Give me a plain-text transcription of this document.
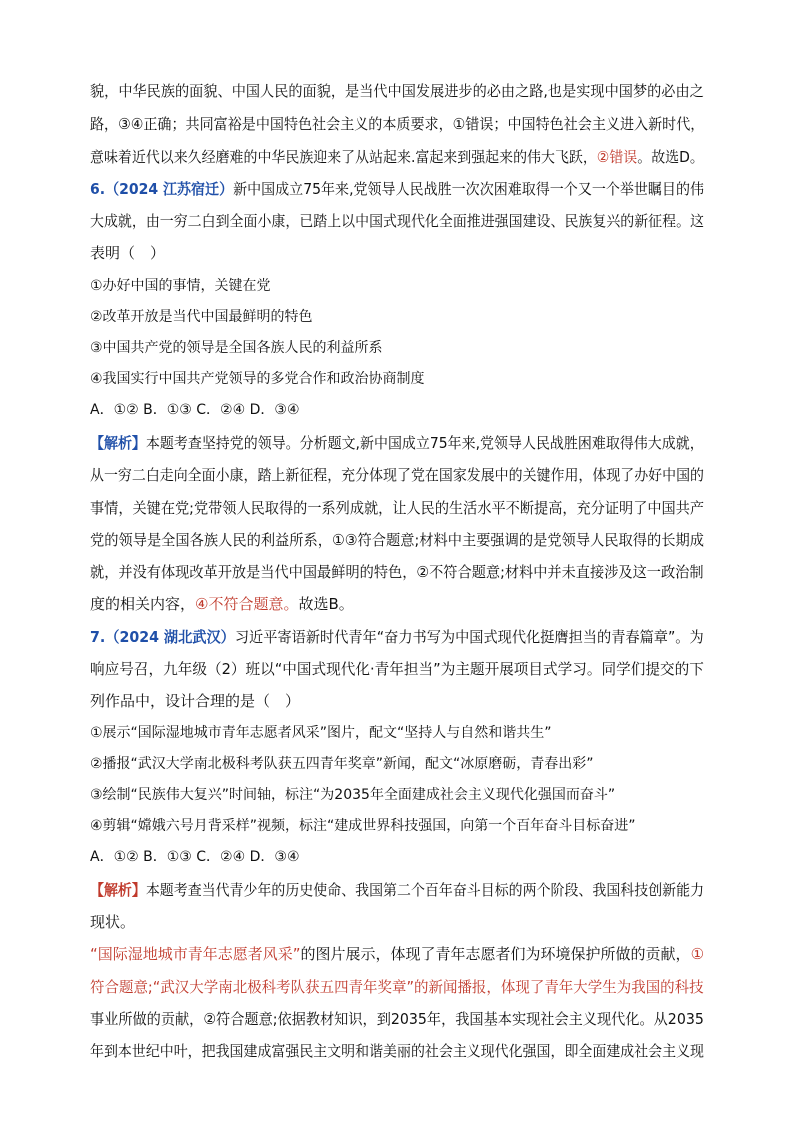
貌，中华民族的面貌、中国人民的面貌，是当代中国发展进步的必由之路,也是实现中国梦的必由之
路，③④正确；共同富裕是中国特色社会主义的本质要求，①错误；中国特色社会主义进入新时代，
意味着近代以来久经磨难的中华民族迎来了从站起来.富起来到强起来的伟大飞跃，②错误。故选D。
6.（2024 江苏宿迁）新中国成立75年来,党领导人民战胜一次次困难取得一个又一个举世瞩目的伟
大成就，由一穷二白到全面小康，已踏上以中国式现代化全面推进强国建设、民族复兴的新征程。这
表明（　）
①办好中国的事情，关键在党
②改革开放是当代中国最鲜明的特色
③中国共产党的领导是全国各族人民的利益所系
④我国实行中国共产党领导的多党合作和政治协商制度
A．①② B．①③ C．②④ D．③④
【解析】本题考查坚持党的领导。分析题文,新中国成立75年来,党领导人民战胜困难取得伟大成就，
从一穷二白走向全面小康，踏上新征程，充分体现了党在国家发展中的关键作用，体现了办好中国的
事情，关键在党;党带领人民取得的一系列成就，让人民的生活水平不断提高，充分证明了中国共产
党的领导是全国各族人民的利益所系，①③符合题意;材料中主要强调的是党领导人民取得的长期成
就，并没有体现改革开放是当代中国最鲜明的特色，②不符合题意;材料中并未直接涉及这一政治制
度的相关内容，④不符合题意。故选B。
7.（2024 湖北武汉）习近平寄语新时代青年“奋力书写为中国式现代化挺膺担当的青春篇章”。为
响应号召，九年级（2）班以“中国式现代化·青年担当”为主题开展项目式学习。同学们提交的下
列作品中，设计合理的是（　）
①展示“国际湿地城市青年志愿者风采”图片，配文“坚持人与自然和谐共生”
②播报“武汉大学南北极科考队获五四青年奖章”新闻，配文“冰原磨砺，青春出彩”
③绘制“民族伟大复兴”时间轴，标注“为2035年全面建成社会主义现代化强国而奋斗”
④剪辑“嫦娥六号月背采样”视频，标注“建成世界科技强国，向第一个百年奋斗目标奋进”
A．①② B．①③ C．②④ D．③④
【解析】本题考查当代青少年的历史使命、我国第二个百年奋斗目标的两个阶段、我国科技创新能力
现状。
“国际湿地城市青年志愿者风采”的图片展示，体现了青年志愿者们为环境保护所做的贡献，①
符合题意;“武汉大学南北极科考队获五四青年奖章”的新闻播报，体现了青年大学生为我国的科技
事业所做的贡献，②符合题意;依据教材知识，到2035年，我国基本实现社会主义现代化。从2035
年到本世纪中叶，把我国建成富强民主文明和谐美丽的社会主义现代化强国，即全面建成社会主义现
